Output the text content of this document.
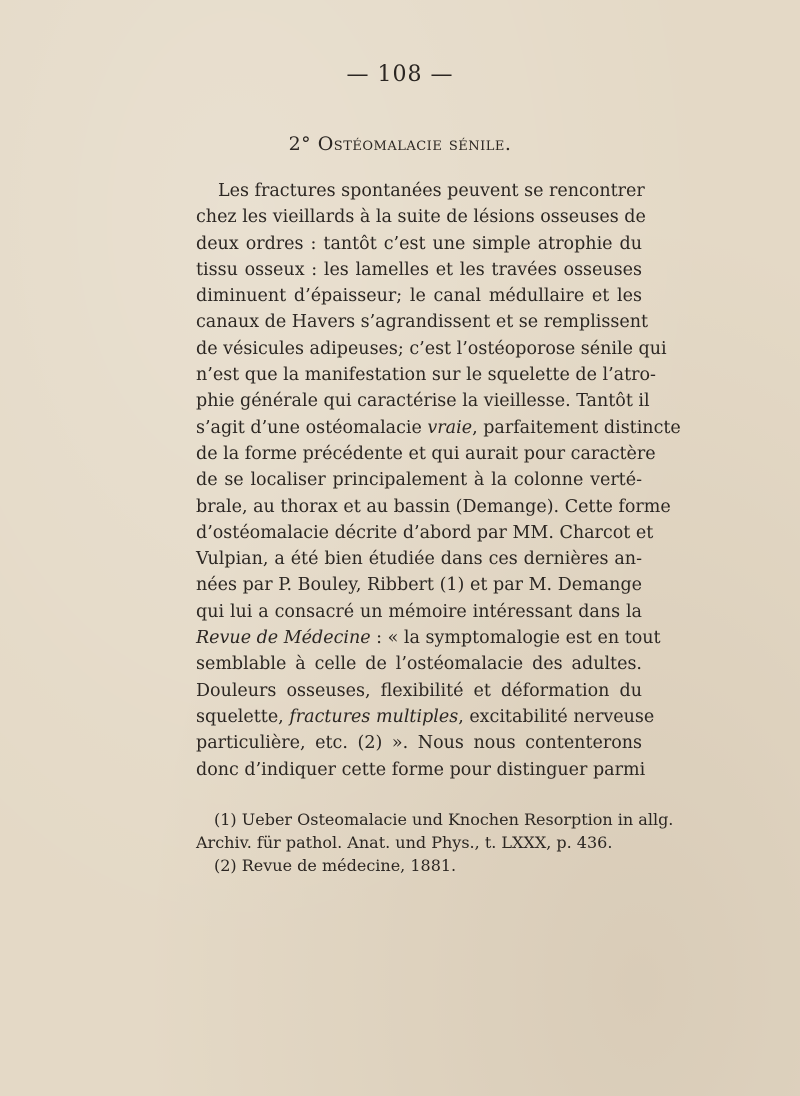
— 108 —
2° Ostéomalacie sénile.

Les fractures spontanées peuvent se rencontrer
chez les vieillards à la suite de lésions osseuses de
deux ordres : tantôt c’est une simple atrophie du
tissu osseux : les lamelles et les travées osseuses
diminuent d’épaisseur; le canal médullaire et les
canaux de Havers s’agrandissent et se remplissent
de vésicules adipeuses; c’est l’ostéoporose sénile qui
n’est que la manifestation sur le squelette de l’atro-
phie générale qui caractérise la vieillesse. Tantôt il
s’agit d’une ostéomalacie vraie, parfaitement distincte
de la forme précédente et qui aurait pour caractère
de se localiser principalement à la colonne verté-
brale, au thorax et au bassin (Demange). Cette forme
d’ostéomalacie décrite d’abord par MM. Charcot et
Vulpian, a été bien étudiée dans ces dernières an-
nées par P. Bouley, Ribbert (1) et par M. Demange
qui lui a consacré un mémoire intéressant dans la
Revue de Médecine : « la symptomalogie est en tout
semblable à celle de l’ostéomalacie des adultes.
Douleurs osseuses, flexibilité et déformation du
squelette, fractures multiples, excitabilité nerveuse
particulière, etc. (2) ». Nous nous contenterons
donc d’indiquer cette forme pour distinguer parmi

(1) Ueber Osteomalacie und Knochen Resorption in allg.
Archiv. für pathol. Anat. und Phys., t. LXXX, p. 436.
(2) Revue de médecine, 1881.
